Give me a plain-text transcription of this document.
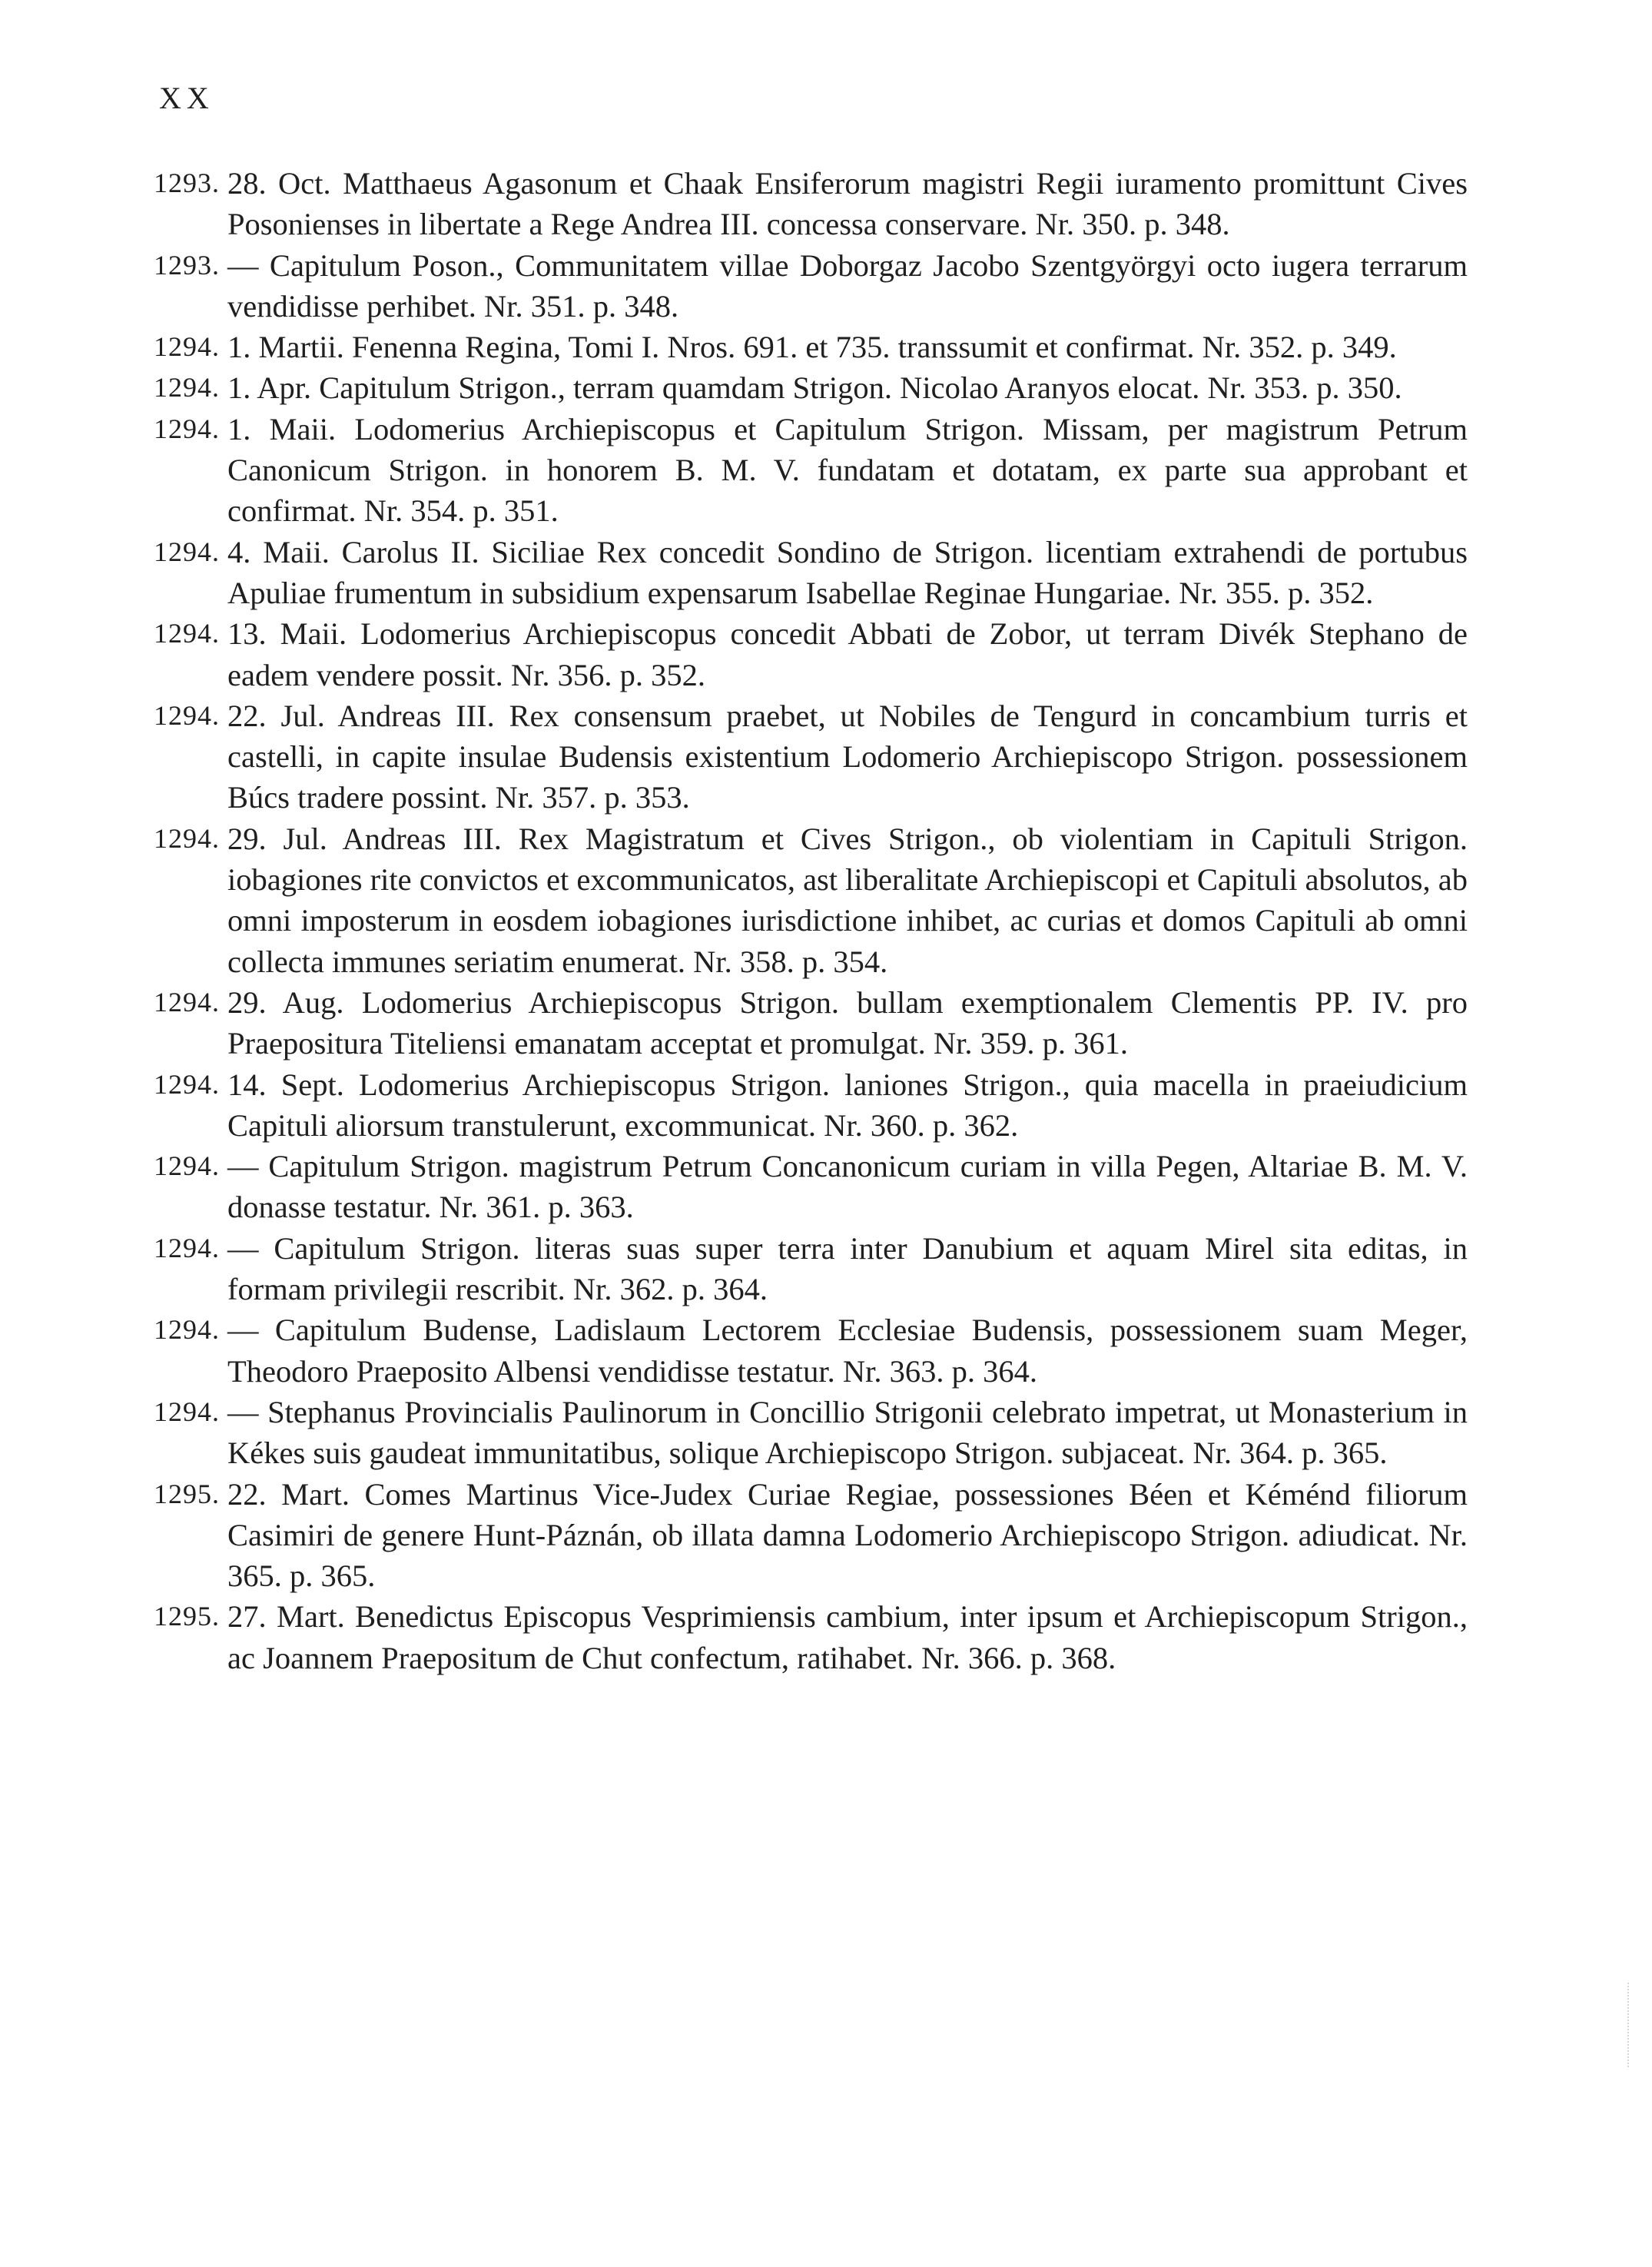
XX

1293. 28. Oct. Matthaeus Agasonum et Chaak Ensiferorum magistri Regii iuramento promittunt Cives Posonienses in libertate a Rege Andrea III. concessa conservare. Nr. 350. p. 348.

1293. — Capitulum Poson., Communitatem villae Doborgaz Jacobo Szentgyörgyi octo iugera terrarum vendidisse perhibet. Nr. 351. p. 348.

1294. 1. Martii. Fenenna Regina, Tomi I. Nros. 691. et 735. transsumit et confirmat. Nr. 352. p. 349.

1294. 1. Apr. Capitulum Strigon., terram quamdam Strigon. Nicolao Aranyos elocat. Nr. 353. p. 350.

1294. 1. Maii. Lodomerius Archiepiscopus et Capitulum Strigon. Missam, per magistrum Petrum Canonicum Strigon. in honorem B. M. V. fundatam et dotatam, ex parte sua approbant et confirmat. Nr. 354. p. 351.

1294. 4. Maii. Carolus II. Siciliae Rex concedit Sondino de Strigon. licentiam extrahendi de portubus Apuliae frumentum in subsidium expensarum Isabellae Reginae Hungariae. Nr. 355. p. 352.

1294. 13. Maii. Lodomerius Archiepiscopus concedit Abbati de Zobor, ut terram Divék Stephano de eadem vendere possit. Nr. 356. p. 352.

1294. 22. Jul. Andreas III. Rex consensum praebet, ut Nobiles de Tengurd in concambium turris et castelli, in capite insulae Budensis existentium Lodomerio Archiepiscopo Strigon. possessionem Búcs tradere possint. Nr. 357. p. 353.

1294. 29. Jul. Andreas III. Rex Magistratum et Cives Strigon., ob violentiam in Capituli Strigon. iobagiones rite convictos et excommunicatos, ast liberalitate Archiepiscopi et Capituli absolutos, ab omni imposterum in eosdem iobagiones iurisdictione inhibet, ac curias et domos Capituli ab omni collecta immunes seriatim enumerat. Nr. 358. p. 354.

1294. 29. Aug. Lodomerius Archiepiscopus Strigon. bullam exemptionalem Clementis PP. IV. pro Praepositura Titeliensi emanatam acceptat et promulgat. Nr. 359. p. 361.

1294. 14. Sept. Lodomerius Archiepiscopus Strigon. laniones Strigon., quia macella in praeiudicium Capituli aliorsum transtulerunt, excommunicat. Nr. 360. p. 362.

1294. — Capitulum Strigon. magistrum Petrum Concanonicum curiam in villa Pegen, Altariae B. M. V. donasse testatur. Nr. 361. p. 363.

1294. — Capitulum Strigon. literas suas super terra inter Danubium et aquam Mirel sita editas, in formam privilegii rescribit. Nr. 362. p. 364.

1294. — Capitulum Budense, Ladislaum Lectorem Ecclesiae Budensis, possessionem suam Meger, Theodoro Praeposito Albensi vendidisse testatur. Nr. 363. p. 364.

1294. — Stephanus Provincialis Paulinorum in Concillio Strigonii celebrato impetrat, ut Monasterium in Kékes suis gaudeat immunitatibus, solique Archiepiscopo Strigon. subjaceat. Nr. 364. p. 365.

1295. 22. Mart. Comes Martinus Vice-Judex Curiae Regiae, possessiones Béen et Kéménd filiorum Casimiri de genere Hunt-Páznán, ob illata damna Lodomerio Archiepiscopo Strigon. adiudicat. Nr. 365. p. 365.

1295. 27. Mart. Benedictus Episcopus Vesprimiensis cambium, inter ipsum et Archiepiscopum Strigon., ac Joannem Praepositum de Chut confectum, ratihabet. Nr. 366. p. 368.
